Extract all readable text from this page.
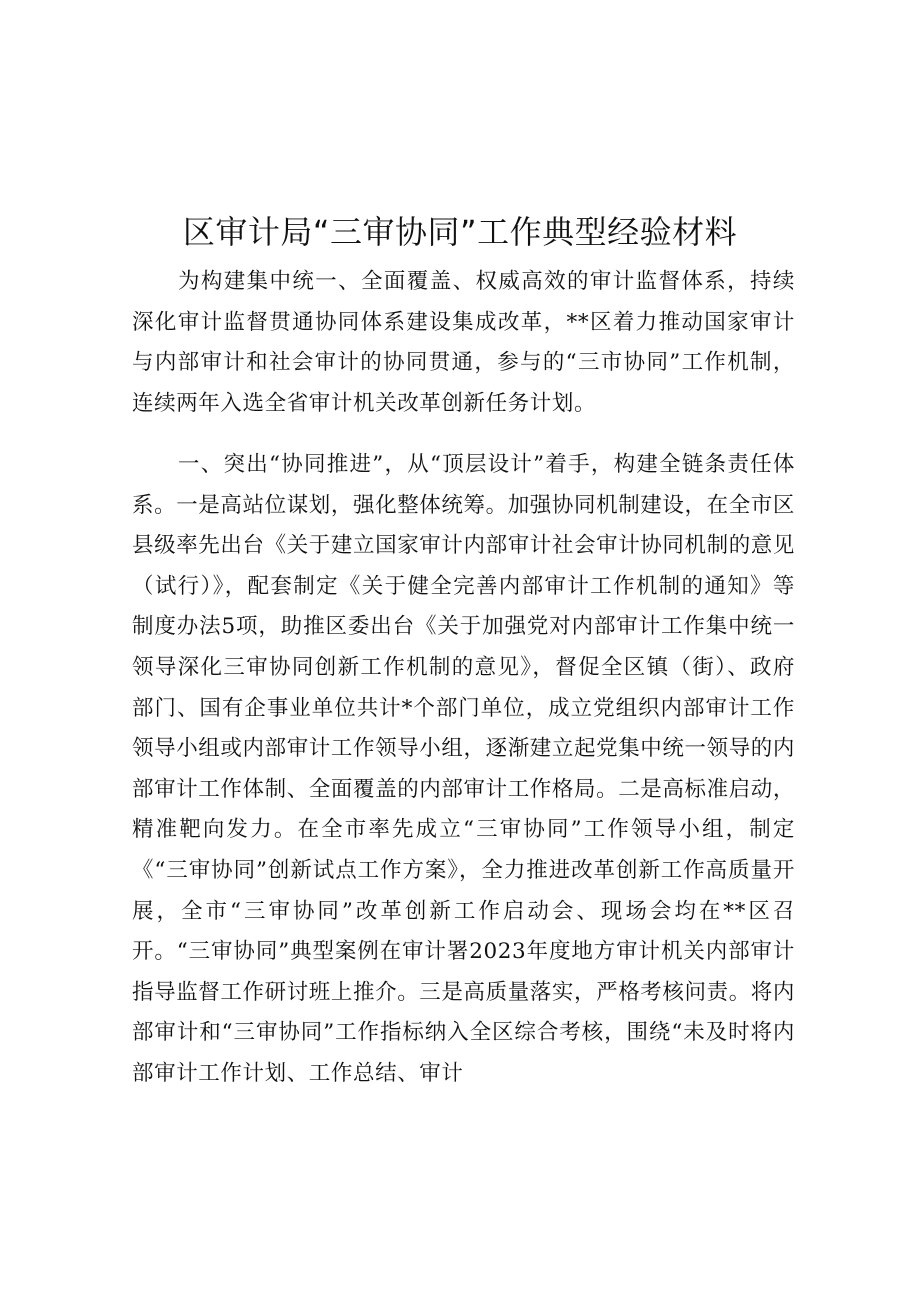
区审计局“三审协同”工作典型经验材料

为构建集中统一、全面覆盖、权威高效的审计监督体系，持续深化审计监督贯通协同体系建设集成改革，**区着力推动国家审计与内部审计和社会审计的协同贯通，参与的“三市协同”工作机制，连续两年入选全省审计机关改革创新任务计划。

一、突出“协同推进”，从“顶层设计”着手，构建全链条责任体系。一是高站位谋划，强化整体统筹。加强协同机制建设，在全市区县级率先出台《关于建立国家审计内部审计社会审计协同机制的意见（试行）》，配套制定《关于健全完善内部审计工作机制的通知》等制度办法5项，助推区委出台《关于加强党对内部审计工作集中统一领导深化三审协同创新工作机制的意见》，督促全区镇（街）、政府部门、国有企事业单位共计*个部门单位，成立党组织内部审计工作领导小组或内部审计工作领导小组，逐渐建立起党集中统一领导的内部审计工作体制、全面覆盖的内部审计工作格局。二是高标准启动，精准靶向发力。在全市率先成立“三审协同”工作领导小组，制定《“三审协同”创新试点工作方案》，全力推进改革创新工作高质量开展，全市“三审协同”改革创新工作启动会、现场会均在**区召开。“三审协同”典型案例在审计署2023年度地方审计机关内部审计指导监督工作研讨班上推介。三是高质量落实，严格考核问责。将内部审计和“三审协同”工作指标纳入全区综合考核，围绕“未及时将内部审计工作计划、工作总结、审计
